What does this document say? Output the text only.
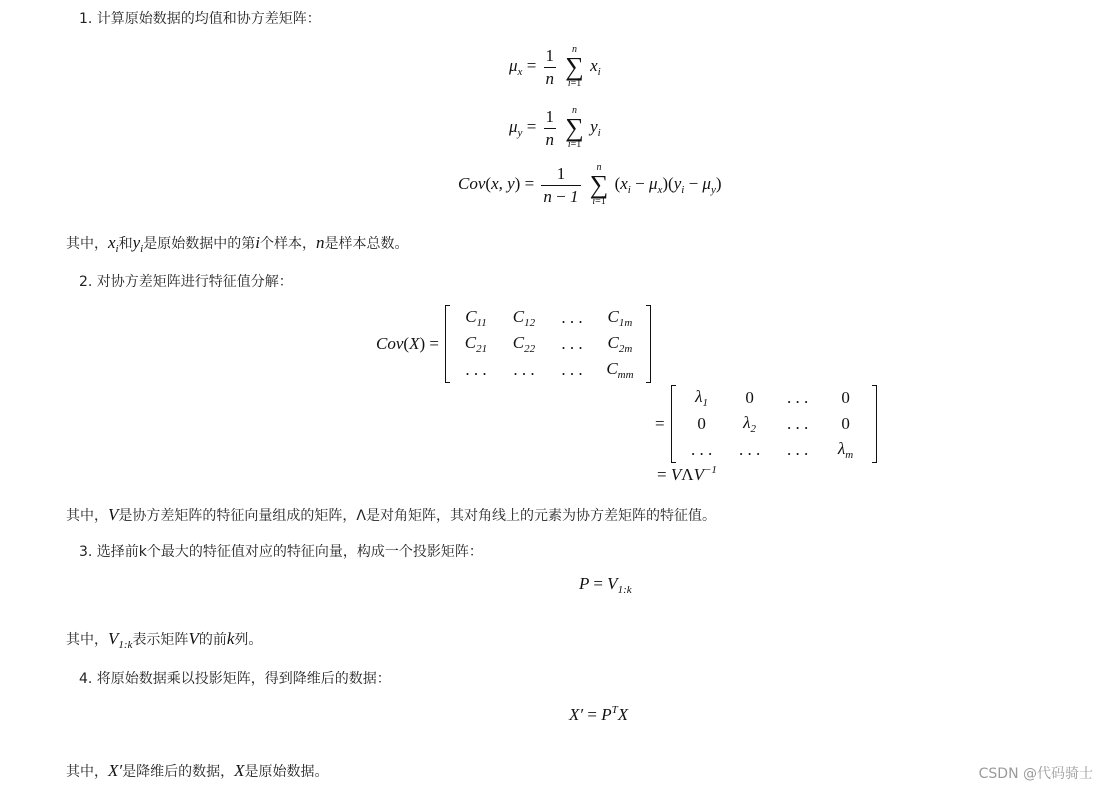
1. 计算原始数据的均值和协方差矩阵：
$\mu_x = \frac{1}{n}$
n
∑
i=1
$x_i$
$\mu_y = \frac{1}{n}$
n
∑
i=1
$y_i$
Cov(x, $y) = \frac{1}{n - 1}$
n
∑
i=1
$(x_i - \mu_x)(y_i - \mu_y)$
其中，$x_i$和$y_i$是原始数据中的第i个样本，n是样本总数。
2. 对协方差矩阵进行特征值分解：
Cov(X) =
$C_{11}$	$C_{12}$	. . .	$C_{1m}$
$C_{21}$	$C_{22}$	. . .	$C_{2m}$
. . .	. . .	. . .	$C_{mm}$
=
$\lambda_1$	0	. . .	0
0	$\lambda_2$	. . .	0
. . .	. . .	. . .	$\lambda_m$
= $V\Lambda V^{-1}$
其中，V是协方差矩阵的特征向量组成的矩阵，Λ是对角矩阵，其对角线上的元素为协方差矩阵的特征值。
3. 选择前k个最大的特征值对应的特征向量，构成一个投影矩阵：
$P = V_{1:k}$
其中，$V_{1:k}$表示矩阵V的前k列。
4. 将原始数据乘以投影矩阵，得到降维后的数据：
$X' = P^TX$
其中，X′是降维后的数据，X是原始数据。	CSDN @代码骑士
